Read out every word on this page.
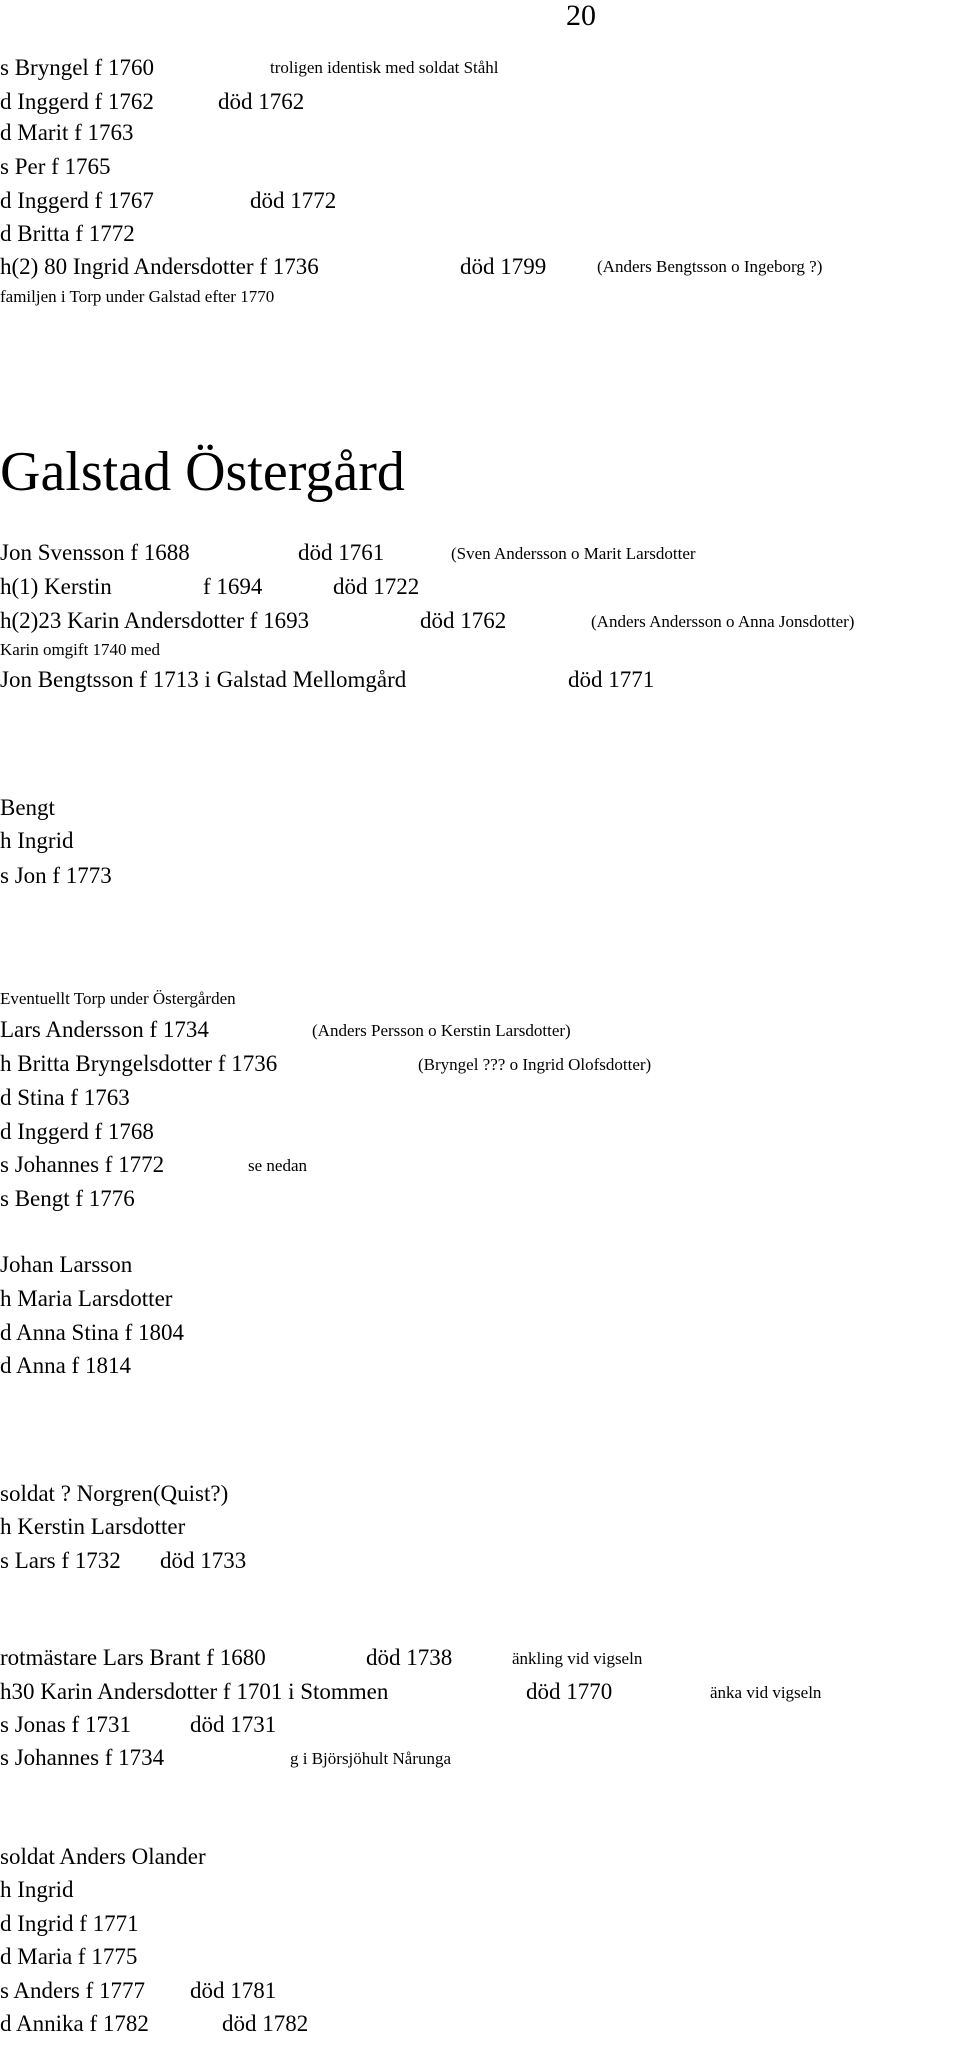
20
s Bryngel f 1760	troligen identisk med soldat Ståhl
d Inggerd f 1762	död 1762
d Marit f 1763
s Per f 1765
d Inggerd f 1767	död 1772
d Britta f 1772
h(2) 80 Ingrid Andersdotter f 1736	död 1799	(Anders Bengtsson o Ingeborg ?)
familjen i Torp under Galstad efter 1770
Galstad Östergård
Jon Svensson f 1688	död 1761	(Sven Andersson o Marit Larsdotter
h(1) Kerstin	f 1694	död 1722
h(2)23 Karin Andersdotter f 1693	död 1762	(Anders Andersson o Anna Jonsdotter)
Karin omgift 1740 med
Jon Bengtsson f 1713 i Galstad Mellomgård	död 1771
Bengt
h Ingrid
s Jon f 1773
Eventuellt Torp under Östergården
Lars Andersson f 1734	(Anders Persson o Kerstin Larsdotter)
h Britta Bryngelsdotter f 1736	(Bryngel ??? o Ingrid Olofsdotter)
d Stina f 1763
d Inggerd f 1768
s Johannes f 1772	se nedan
s Bengt f 1776
Johan Larsson
h Maria Larsdotter
d Anna Stina f 1804
d Anna f 1814
soldat ? Norgren(Quist?)
h Kerstin Larsdotter
s Lars f 1732 död 1733
rotmästare Lars Brant f 1680	död 1738	änkling vid vigseln
h30 Karin Andersdotter f 1701 i Stommen	död 1770	änka vid vigseln
s Jonas f 1731	död 1731
s Johannes f 1734	g i Björsjöhult Nårunga
soldat Anders Olander
h Ingrid
d Ingrid f 1771
d Maria f 1775
s Anders f 1777 död 1781
d Annika f 1782	död 1782
